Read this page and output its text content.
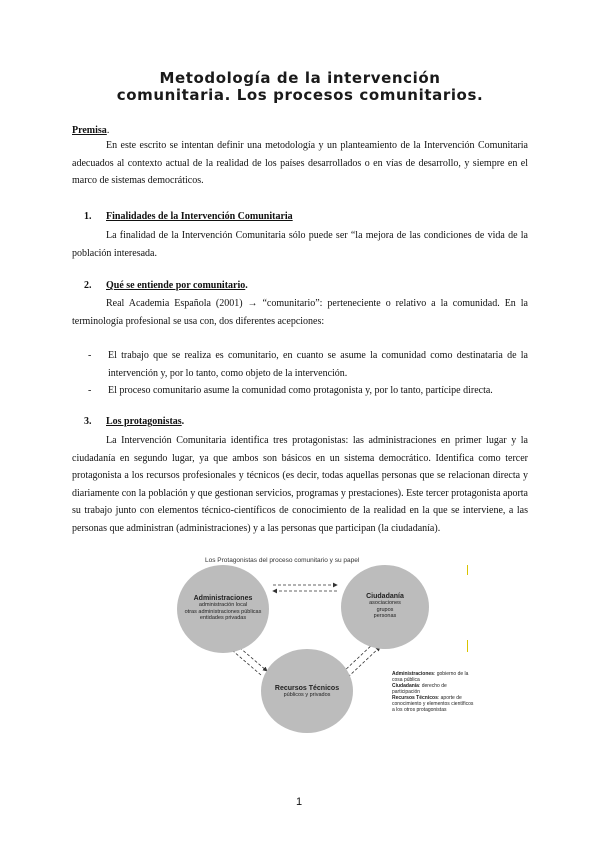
Metodología de la intervención
comunitaria. Los procesos comunitarios.
Premisa.
En este escrito se intentan definir una metodología y un planteamiento de la Intervención Comunitaria adecuados al contexto actual de la realidad de los países desarrollados o en vías de desarrollo, y siempre en el marco de sistemas democráticos.
1. Finalidades de la Intervención Comunitaria
La finalidad de la Intervención Comunitaria sólo puede ser “la mejora de las condiciones de vida de la población interesada.
2. Qué se entiende por comunitario.
Real Academia Española (2001) → “comunitario”: perteneciente o relativo a la comunidad. En la terminología profesional se usa con, dos diferentes acepciones:
-	El trabajo que se realiza es comunitario, en cuanto se asume la comunidad como destinataria de la intervención y, por lo tanto, como objeto de la intervención.
-	El proceso comunitario asume la comunidad como protagonista y, por lo tanto, partícipe directa.
3. Los protagonistas.
La Intervención Comunitaria identifica tres protagonistas: las administraciones en primer lugar y la ciudadanía en segundo lugar, ya que ambos son básicos en un sistema democrático. Identifica como tercer protagonista a los recursos profesionales y técnicos (es decir, todas aquellas personas que se relacionan directa y diariamente con la población y que gestionan servicios, programas y prestaciones). Este tercer protagonista aporta su trabajo junto con elementos técnico-científicos de conocimiento de la realidad en la que se interviene, a las personas que administran (administraciones) y a las personas que participan (la ciudadanía).
Los Protagonistas del proceso comunitario y su papel
Administraciones
administración local
otras administraciones públicas
entidades privadas
Ciudadanía
asociaciones
grupos
personas
Recursos Técnicos
públicos y privados
Administraciones: gobierno de la cosa pública
Ciudadanía: derecho de participación
Recursos Técnicos: aporte de conocimiento y elementos científicos a los otros protagonistas
1
